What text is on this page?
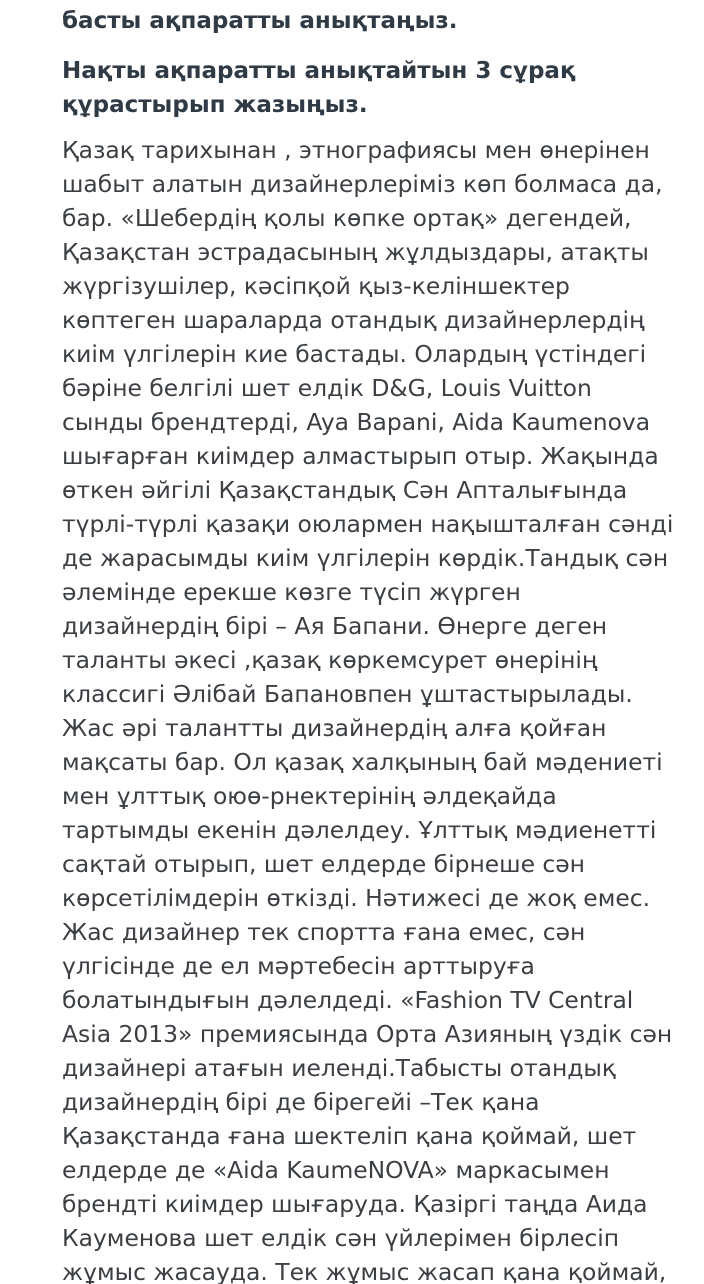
басты ақпаратты анықтаңыз.

Нақты ақпаратты анықтайтын 3 сұрақ
құрастырып жазыңыз.

Қазақ тарихынан , этнографиясы мен өнерінен
шабыт алатын дизайнерлеріміз көп болмаса да,
бар. «Шебердің қолы көпке ортақ» дегендей,
Қазақстан эстрадасының жұлдыздары, атақты
жүргізушілер, кәсіпқой қыз-келіншектер
көптеген шараларда отандық дизайнерлердің
киім үлгілерін кие бастады. Олардың үстіндегі
бәріне белгілі шет елдік D&G, Louis Vuitton
сынды брендтерді, Aya Bapani, Aida Kaumenova
шығарған киімдер алмастырып отыр. Жақында
өткен әйгілі Қазақстандық Сән Апталығында
түрлі-түрлі қазақи оюлармен нақышталған сәнді
де жарасымды киім үлгілерін көрдік.Тандық сән
әлемінде ерекше көзге түсіп жүрген
дизайнердің бірі – Ая Бапани. Өнерге деген
таланты әкесі ,қазақ көркемсурет өнерінің
классигі Әлібай Бапановпен ұштастырылады.
Жас әрі талантты дизайнердің алға қойған
мақсаты бар. Ол қазақ халқының бай мәдениеті
мен ұлттық оюө-рнектерінің әлдеқайда
тартымды екенін дәлелдеу. Ұлттық мәдиенетті
сақтай отырып, шет елдерде бірнеше сән
көрсетілімдерін өткізді. Нәтижесі де жоқ емес.
Жас дизайнер тек спортта ғана емес, сән
үлгісінде де ел мәртебесін арттыруға
болатындығын дәлелдеді. «Fashion TV Central
Asia 2013» премиясында Орта Азияның үздік сән
дизайнері атағын иеленді.Табысты отандық
дизайнердің бірі де бірегейі –Тек қана
Қазақстанда ғана шектеліп қана қоймай, шет
елдерде де «Aida KaumeNOVA» маркасымен
брендті киімдер шығаруда. Қазіргі таңда Аида
Кауменова шет елдік сән үйлерімен бірлесіп
жұмыс жасауда. Тек жұмыс жасап қана қоймай,
